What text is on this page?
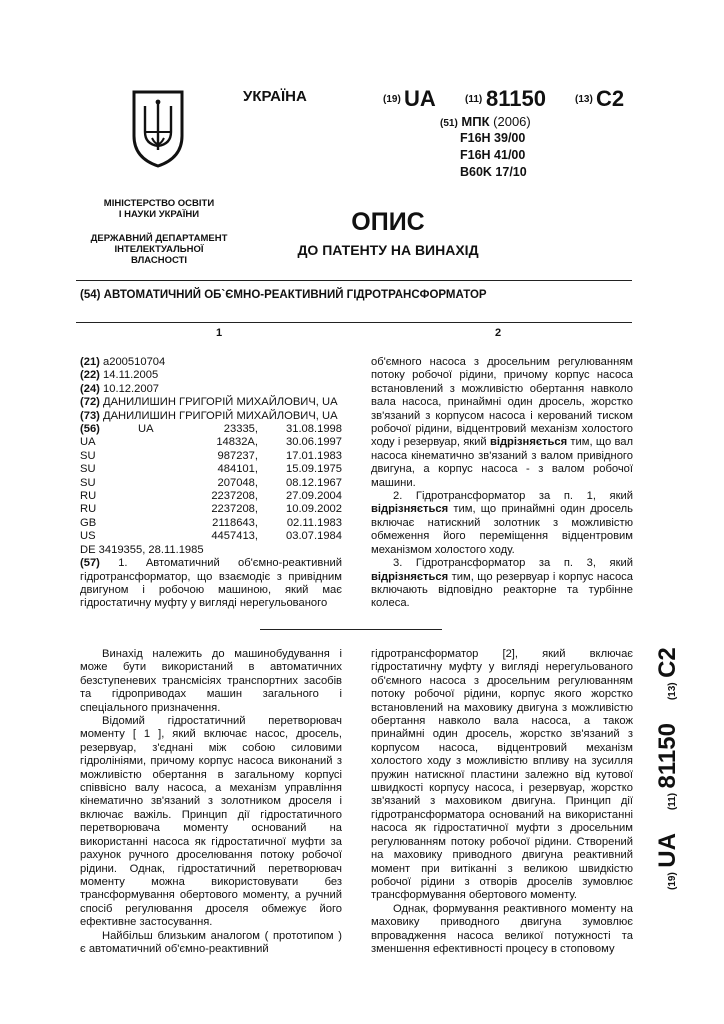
УКРАЇНА	(19) UA	(11) 81150	(13) C2
(51) МПК (2006)
F16H 39/00
F16H 41/00
B60K 17/10
МІНІСТЕРСТВО ОСВІТИ
І НАУКИ УКРАЇНИ
ДЕРЖАВНИЙ ДЕПАРТАМЕНТ
ІНТЕЛЕКТУАЛЬНОЇ
ВЛАСНОСТІ
ОПИС
ДО ПАТЕНТУ НА ВИНАХІД
(54) АВТОМАТИЧНИЙ ОБ`ЄМНО-РЕАКТИВНИЙ ГІДРОТРАНСФОРМАТОР
1	2
(21) a200510704
(22) 14.11.2005
(24) 10.12.2007
(72) ДАНИЛИШИН ГРИГОРІЙ МИХАЙЛОВИЧ, UA
(73) ДАНИЛИШИН ГРИГОРІЙ МИХАЙЛОВИЧ, UA
(56)	UA	23335,	31.08.1998
UA	14832A,	30.06.1997
SU	987237,	17.01.1983
SU	484101,	15.09.1975
SU	207048,	08.12.1967
RU	2237208,	27.09.2004
RU	2237208,	10.09.2002
GB	2118643,	02.11.1983
US	4457413,	03.07.1984
DE 3419355, 28.11.1985
(57) 1. Автоматичний об'ємно-реактивний гідротрансформатор, що взаємодіє з привідним двигуном і робочою машиною, який має гідростатичну муфту у вигляді нерегульованого
об'ємного насоса з дросельним регулюванням потоку робочої рідини, причому корпус насоса встановлений з можливістю обертання навколо вала насоса, принаймні один дросель, жорстко зв'язаний з корпусом насоса і керований тиском робочої рідини, відцентровий механізм холостого ходу і резервуар, який відрізняється тим, що вал насоса кінематично зв'язаний з валом привідного двигуна, а корпус насоса - з валом робочої машини.
2. Гідротрансформатор за п. 1, який відрізняється тим, що принаймні один дросель включає натискний золотник з можливістю обмеження його переміщення відцентровим механізмом холостого ходу.
3. Гідротрансформатор за п. 3, який відрізняється тим, що резервуар і корпус насоса включають відповідно реакторне та турбінне колеса.
Винахід належить до машинобудування і може бути використаний в автоматичних безступеневих трансмісіях транспортних засобів та гідроприводах машин загального і спеціального призначення.
Відомий гідростатичний перетворювач моменту [ 1 ], який включає насос, дросель, резервуар, з'єднані між собою силовими гідролініями, причому корпус насоса виконаний з можливістю обертання в загальному корпусі співвісно валу насоса, а механізм управління кінематично зв'язаний з золотником дроселя і включає важіль. Принцип дії гідростатичного перетворювача моменту оснований на використанні насоса як гідростатичної муфти за рахунок ручного дроселювання потоку робочої рідини. Однак, гідростатичний перетворювач моменту можна використовувати без трансформування обертового моменту, а ручний спосіб регулювання дроселя обмежує його ефективне застосування.
Найбільш близьким аналогом ( прототипом ) є автоматичний об'ємно-реактивний
гідротрансформатор [2], який включає гідростатичну муфту у вигляді нерегульованого об'ємного насоса з дросельним регулюванням потоку робочої рідини, корпус якого жорстко встановлений на маховику двигуна з можливістю обертання навколо вала насоса, а також принаймні один дросель, жорстко зв'язаний з корпусом насоса, відцентровий механізм холостого ходу з можливістю впливу на зусилля пружин натискної пластини залежно від кутової швидкості корпусу насоса, і резервуар, жорстко зв'язаний з маховиком двигуна. Принцип дії гідротрансформатора оснований на використанні насоса як гідростатичної муфти з дросельним регулюванням потоку робочої рідини. Створений на маховику приводного двигуна реактивний момент при витіканні з великою швидкістю робочої рідини з отворів дроселів зумовлює трансформування обертового моменту.
Однак, формування реактивного моменту на маховику приводного двигуна зумовлює впровадження насоса великої потужності та зменшення ефективності процесу в стоповому
(19) UA  (11) 81150  (13) C2
